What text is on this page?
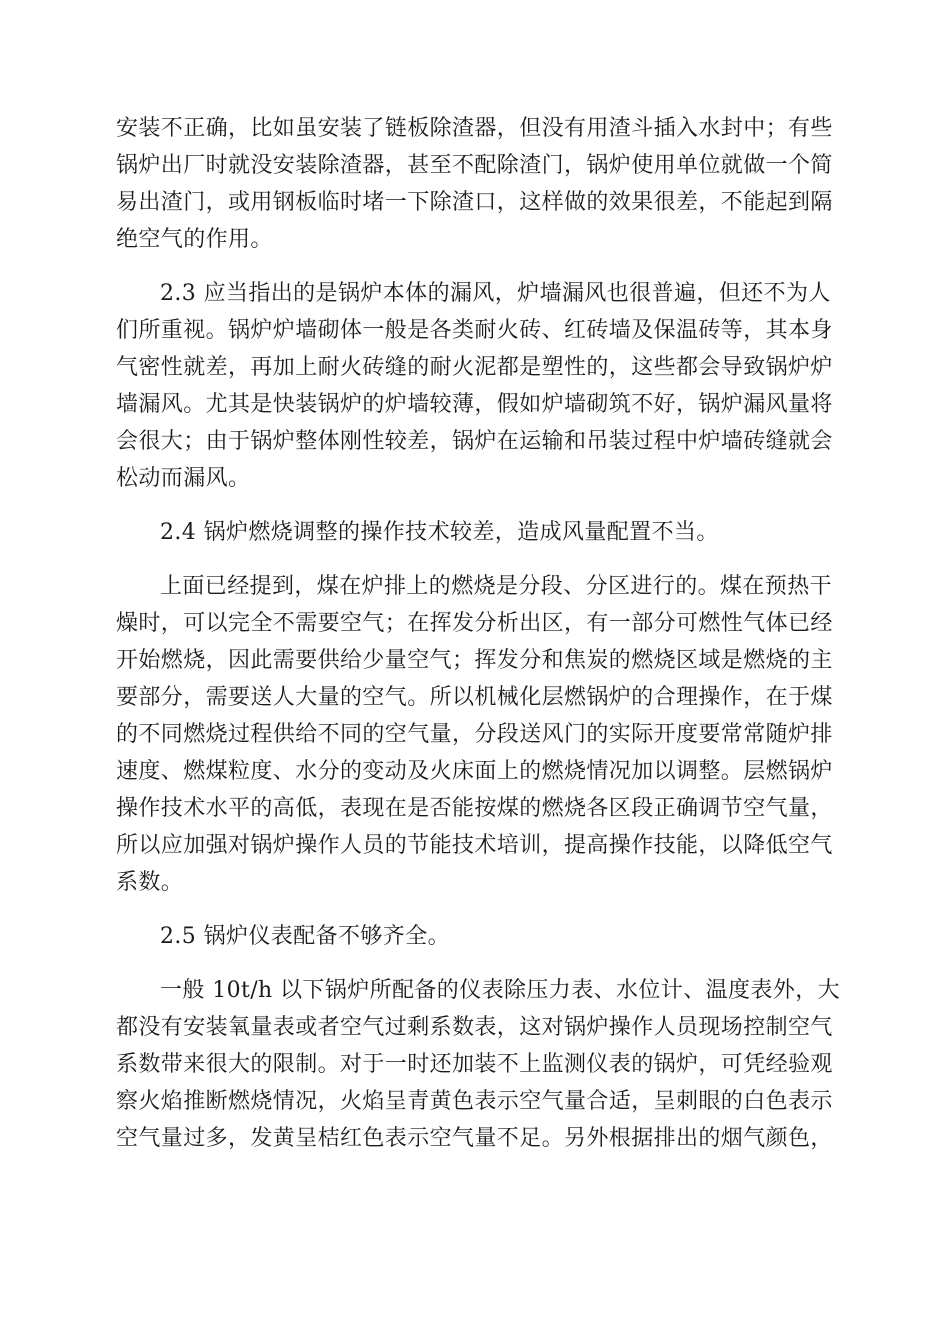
安装不正确，比如虽安装了链板除渣器，但没有用渣斗插入水封中；有些
锅炉出厂时就没安装除渣器，甚至不配除渣门，锅炉使用单位就做一个简
易出渣门，或用钢板临时堵一下除渣口，这样做的效果很差，不能起到隔
绝空气的作用。

2.3 应当指出的是锅炉本体的漏风，炉墙漏风也很普遍，但还不为人
们所重视。锅炉炉墙砌体一般是各类耐火砖、红砖墙及保温砖等，其本身
气密性就差，再加上耐火砖缝的耐火泥都是塑性的，这些都会导致锅炉炉
墙漏风。尤其是快装锅炉的炉墙较薄，假如炉墙砌筑不好，锅炉漏风量将
会很大；由于锅炉整体刚性较差，锅炉在运输和吊装过程中炉墙砖缝就会
松动而漏风。

2.4 锅炉燃烧调整的操作技术较差，造成风量配置不当。

上面已经提到，煤在炉排上的燃烧是分段、分区进行的。煤在预热干
燥时，可以完全不需要空气；在挥发分析出区，有一部分可燃性气体已经
开始燃烧，因此需要供给少量空气；挥发分和焦炭的燃烧区域是燃烧的主
要部分，需要送人大量的空气。所以机械化层燃锅炉的合理操作，在于煤
的不同燃烧过程供给不同的空气量，分段送风门的实际开度要常常随炉排
速度、燃煤粒度、水分的变动及火床面上的燃烧情况加以调整。层燃锅炉
操作技术水平的高低，表现在是否能按煤的燃烧各区段正确调节空气量，
所以应加强对锅炉操作人员的节能技术培训，提高操作技能，以降低空气
系数。

2.5 锅炉仪表配备不够齐全。

一般 10t/h 以下锅炉所配备的仪表除压力表、水位计、温度表外，大
都没有安装氧量表或者空气过剩系数表，这对锅炉操作人员现场控制空气
系数带来很大的限制。对于一时还加装不上监测仪表的锅炉，可凭经验观
察火焰推断燃烧情况，火焰呈青黄色表示空气量合适，呈刺眼的白色表示
空气量过多，发黄呈桔红色表示空气量不足。另外根据排出的烟气颜色，
